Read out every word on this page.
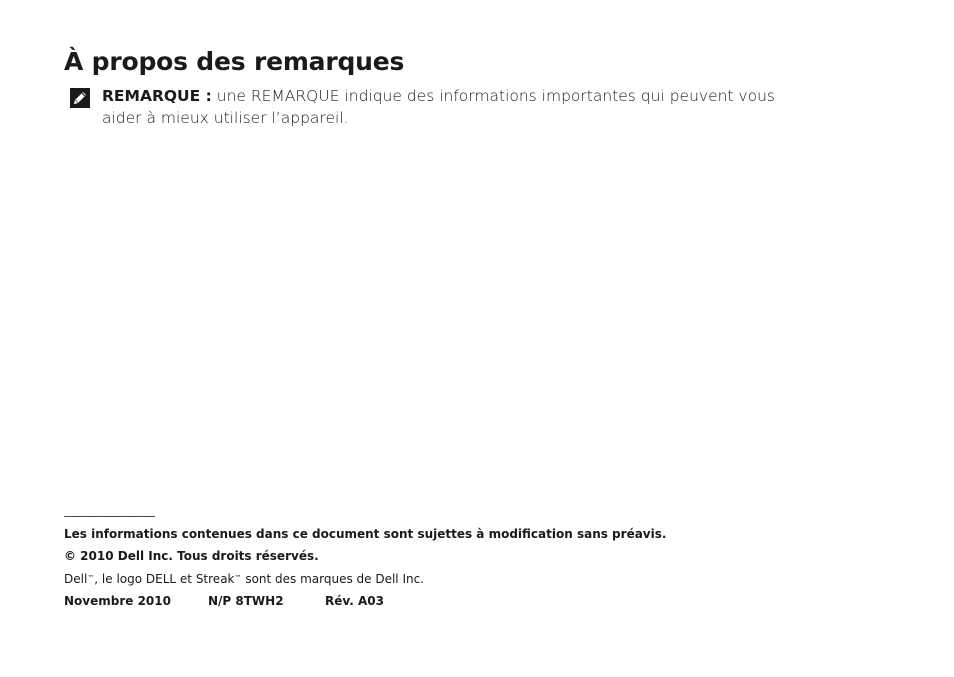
À propos des remarques
REMARQUE : une REMARQUE indique des informations importantes qui peuvent vous
aider à mieux utiliser l’appareil.
__________________
Les informations contenues dans ce document sont sujettes à modification sans préavis.
© 2010 Dell Inc. Tous droits réservés.
Dell™, le logo DELL et Streak™ sont des marques de Dell Inc.
Novembre 2010	N/P 8TWH2	Rév. A03
